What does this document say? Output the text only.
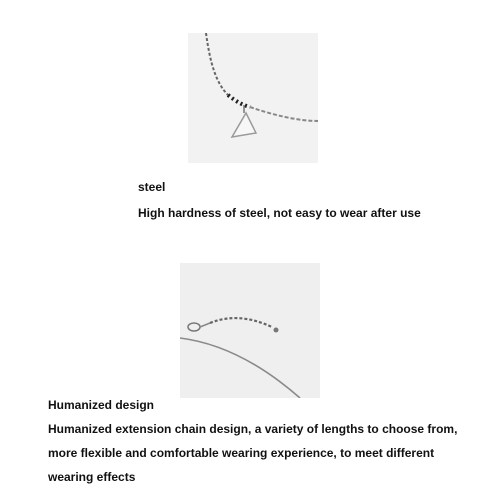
steel
High hardness of steel, not easy to wear after use
Humanized design
Humanized extension chain design, a variety of lengths to choose from,
more flexible and comfortable wearing experience, to meet different
wearing effects
